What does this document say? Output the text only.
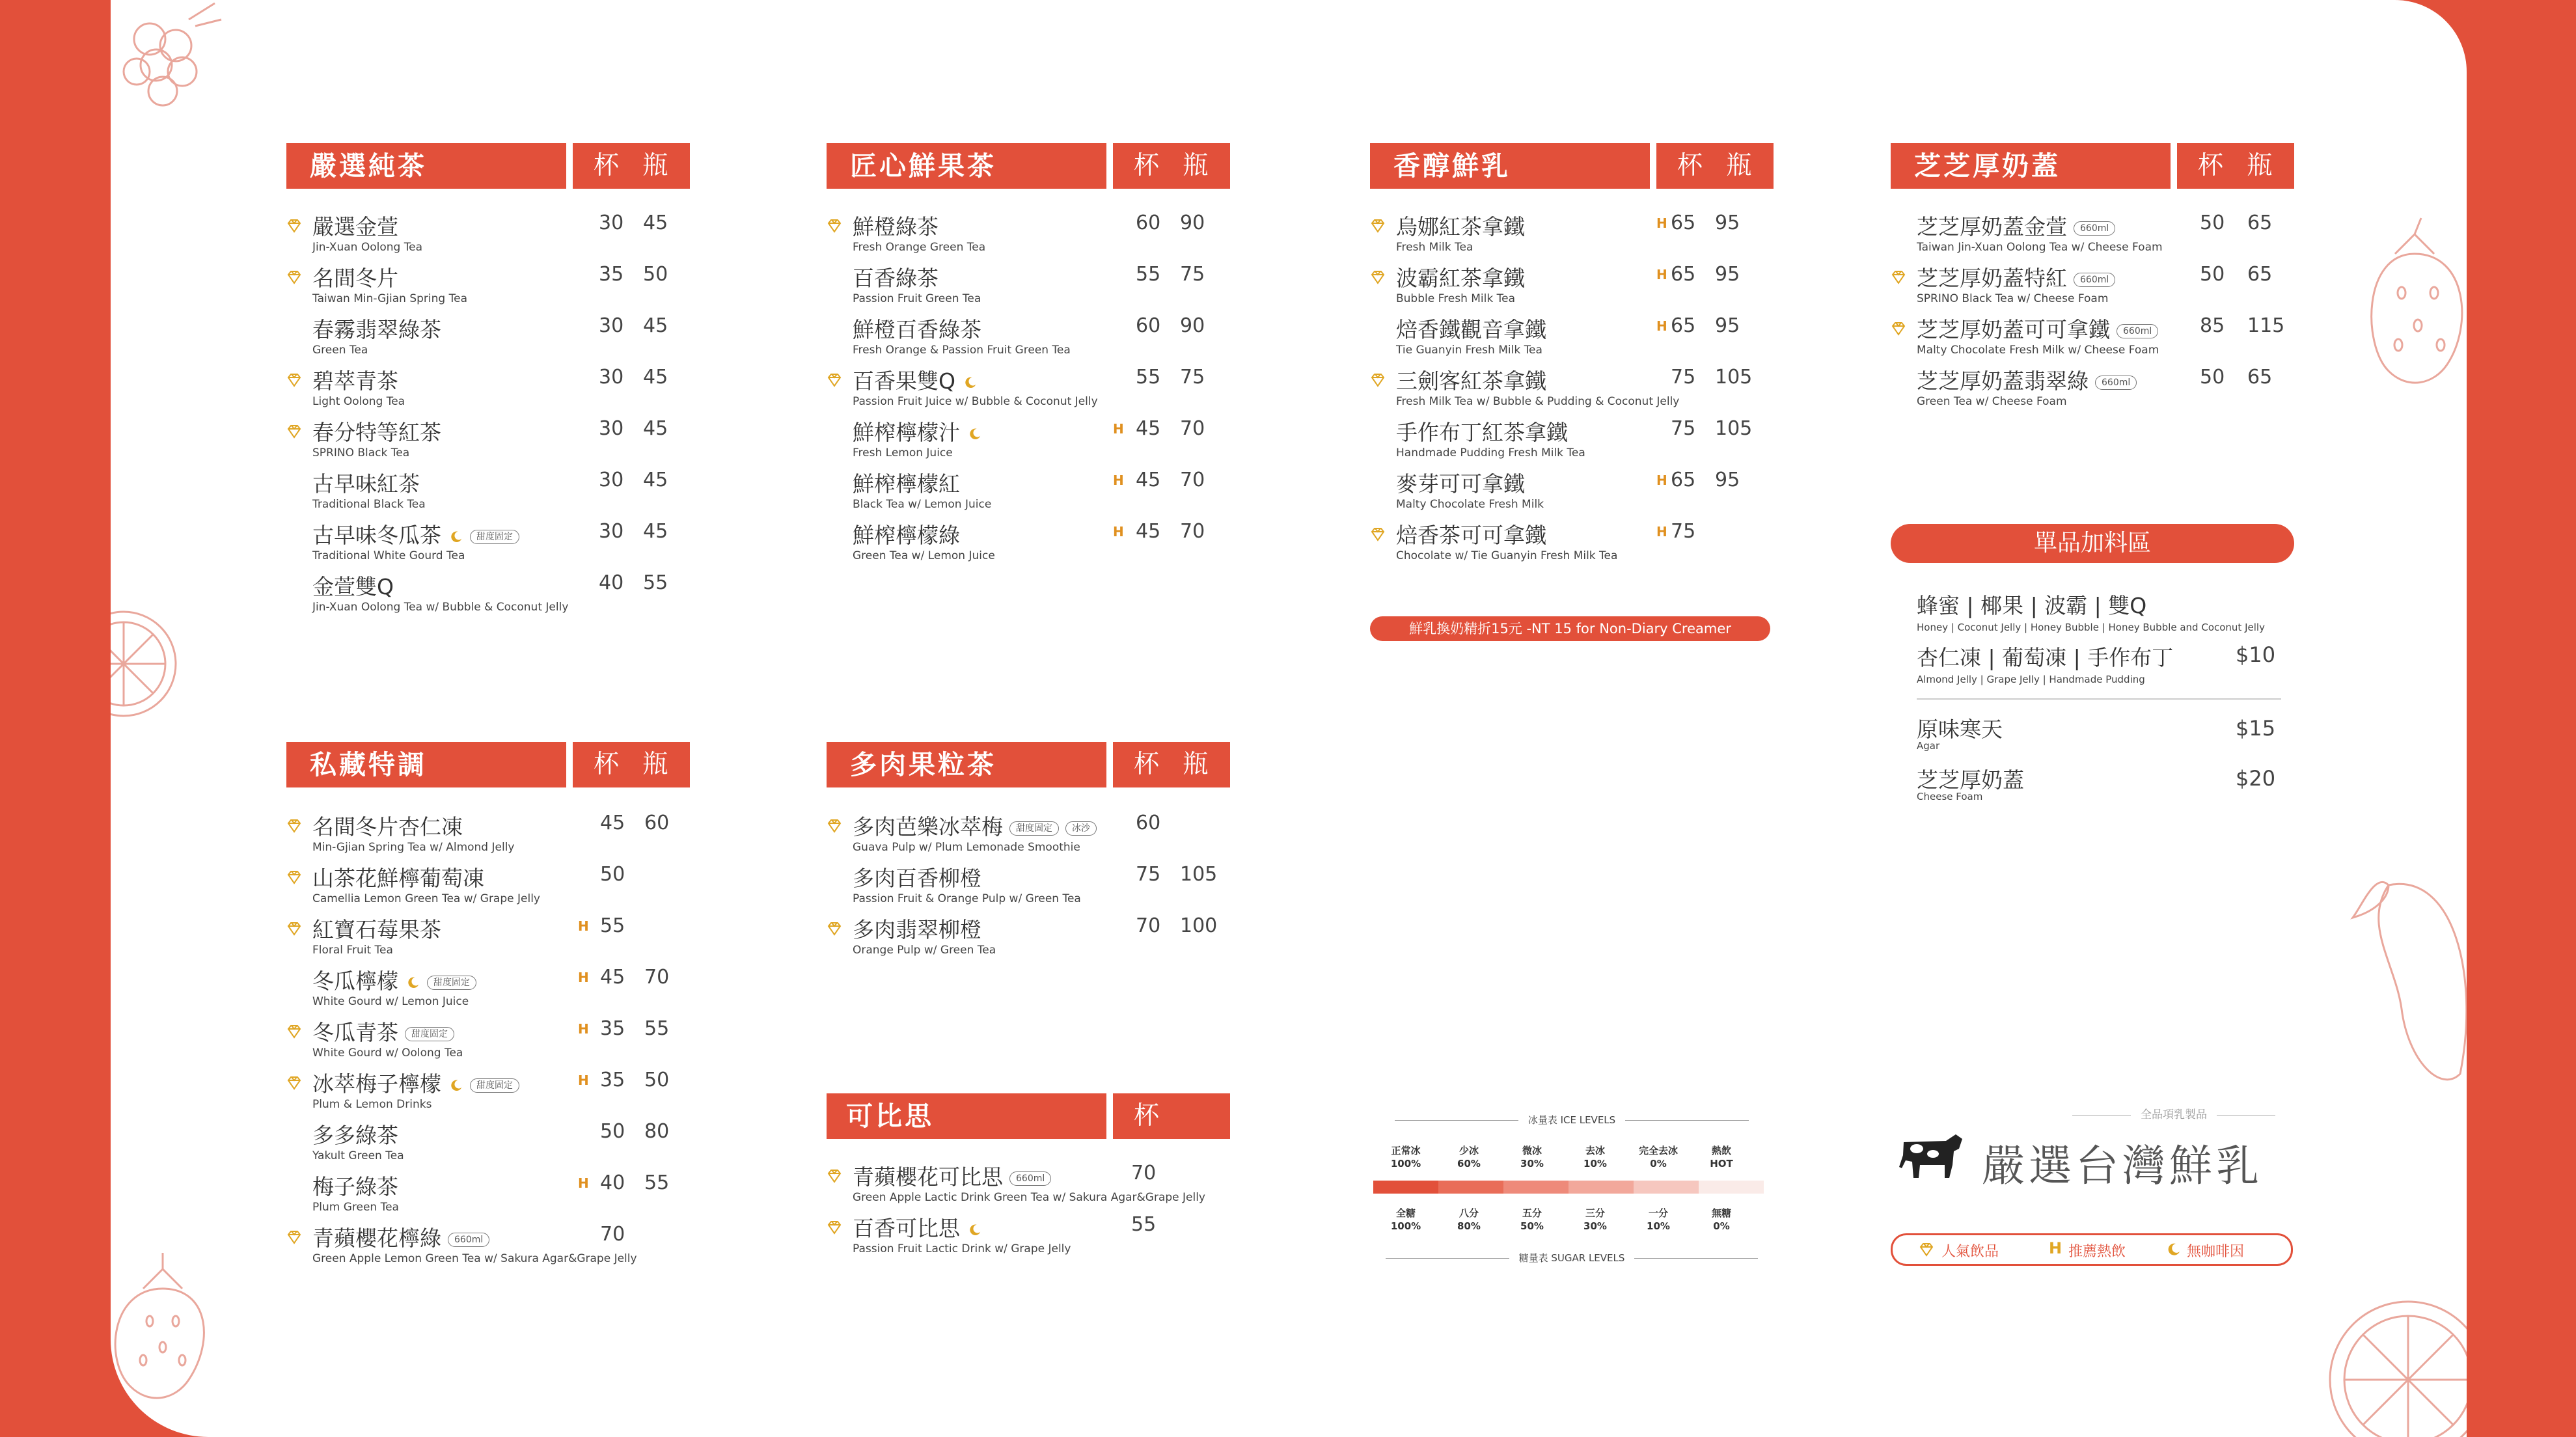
嚴選純茶	杯 瓶
嚴選金萱
Jin-Xuan Oolong Tea
30 45
名間冬片
Taiwan Min-Gjian Spring Tea
35 50
春霧翡翠綠茶
Green Tea
30 45
碧萃青茶
Light Oolong Tea
30 45
春分特等紅茶
SPRINO Black Tea
30 45
古早味紅茶
Traditional Black Tea
30 45
古早味冬瓜茶	甜度固定
Traditional White Gourd Tea
30 45
金萱雙Q
Jin-Xuan Oolong Tea w/ Bubble & Coconut Jelly
40 55
匠心鮮果茶	杯 瓶
鮮橙綠茶
Fresh Orange Green Tea
60 90
百香綠茶
Passion Fruit Green Tea
55 75
鮮橙百香綠茶
Fresh Orange & Passion Fruit Green Tea
60 90
百香果雙Q
Passion Fruit Juice w/ Bubble & Coconut Jelly
55 75
鮮榨檸檬汁
Fresh Lemon Juice
H 45 70
鮮榨檸檬紅
Black Tea w/ Lemon Juice
H 45 70
鮮榨檸檬綠
Green Tea w/ Lemon Juice
H 45 70
香醇鮮乳	杯 瓶
烏娜紅茶拿鐵
Fresh Milk Tea
H 65 95
波霸紅茶拿鐵
Bubble Fresh Milk Tea
H 65 95
焙香鐵觀音拿鐵
Tie Guanyin Fresh Milk Tea
H 65 95
三劍客紅茶拿鐵
Fresh Milk Tea w/ Bubble & Pudding & Coconut Jelly
75 105
手作布丁紅茶拿鐵
Handmade Pudding Fresh Milk Tea
75 105
麥芽可可拿鐵
Malty Chocolate Fresh Milk
H 65 95
焙香茶可可拿鐵
Chocolate w/ Tie Guanyin Fresh Milk Tea
H 75
鮮乳換奶精折15元 -NT 15 for Non-Diary Creamer
芝芝厚奶蓋	杯 瓶
芝芝厚奶蓋金萱 660ml
Taiwan Jin-Xuan Oolong Tea w/ Cheese Foam
50 65
芝芝厚奶蓋特紅 660ml
SPRINO Black Tea w/ Cheese Foam
50 65
芝芝厚奶蓋可可拿鐵 660ml
Malty Chocolate Fresh Milk w/ Cheese Foam
85 115
芝芝厚奶蓋翡翠綠 660ml
Green Tea w/ Cheese Foam
50 65
私藏特調	杯 瓶
名間冬片杏仁凍
Min-Gjian Spring Tea w/ Almond Jelly
45 60
山茶花鮮檸葡萄凍
Camellia Lemon Green Tea w/ Grape Jelly
50
紅寶石莓果茶
Floral Fruit Tea
H 55
冬瓜檸檬	甜度固定
White Gourd w/ Lemon Juice
H 45 70
冬瓜青茶 甜度固定
White Gourd w/ Oolong Tea
H 35 55
冰萃梅子檸檬	甜度固定
Plum & Lemon Drinks
H 35 50
多多綠茶
Yakult Green Tea
50 80
梅子綠茶
Plum Green Tea
H 40 55
青蘋櫻花檸綠 660ml
Green Apple Lemon Green Tea w/ Sakura Agar&Grape Jelly
70
多肉果粒茶	杯 瓶
多肉芭樂冰萃梅 甜度固定 冰沙
Guava Pulp w/ Plum Lemonade Smoothie
60
多肉百香柳橙
Passion Fruit & Orange Pulp w/ Green Tea
75 105
多肉翡翠柳橙
Orange Pulp w/ Green Tea
70 100
可比思	杯
青蘋櫻花可比思 660ml
Green Apple Lactic Drink Green Tea w/ Sakura Agar&Grape Jelly
70
百香可比思
Passion Fruit Lactic Drink w/ Grape Jelly
55
單品加料區
蜂蜜 | 椰果 | 波霸 | 雙Q
Honey | Coconut Jelly | Honey Bubble | Honey Bubble and Coconut Jelly
杏仁凍 | 葡萄凍 | 手作布丁
Almond Jelly | Grape Jelly | Handmade Pudding
$10
原味寒天
Agar
$15
芝芝厚奶蓋
Cheese Foam
$20
冰量表 ICE LEVELS
正常冰
100%
少冰
60%
微冰
30%
去冰
10%
完全去冰
0%
熱飲
HOT
全糖
100%
八分
80%
五分
50%
三分
30%
一分
10%
無糖
0%
糖量表 SUGAR LEVELS
全品項乳製品
嚴選台灣鮮乳
人氣飲品	H 推薦熱飲	無咖啡因
